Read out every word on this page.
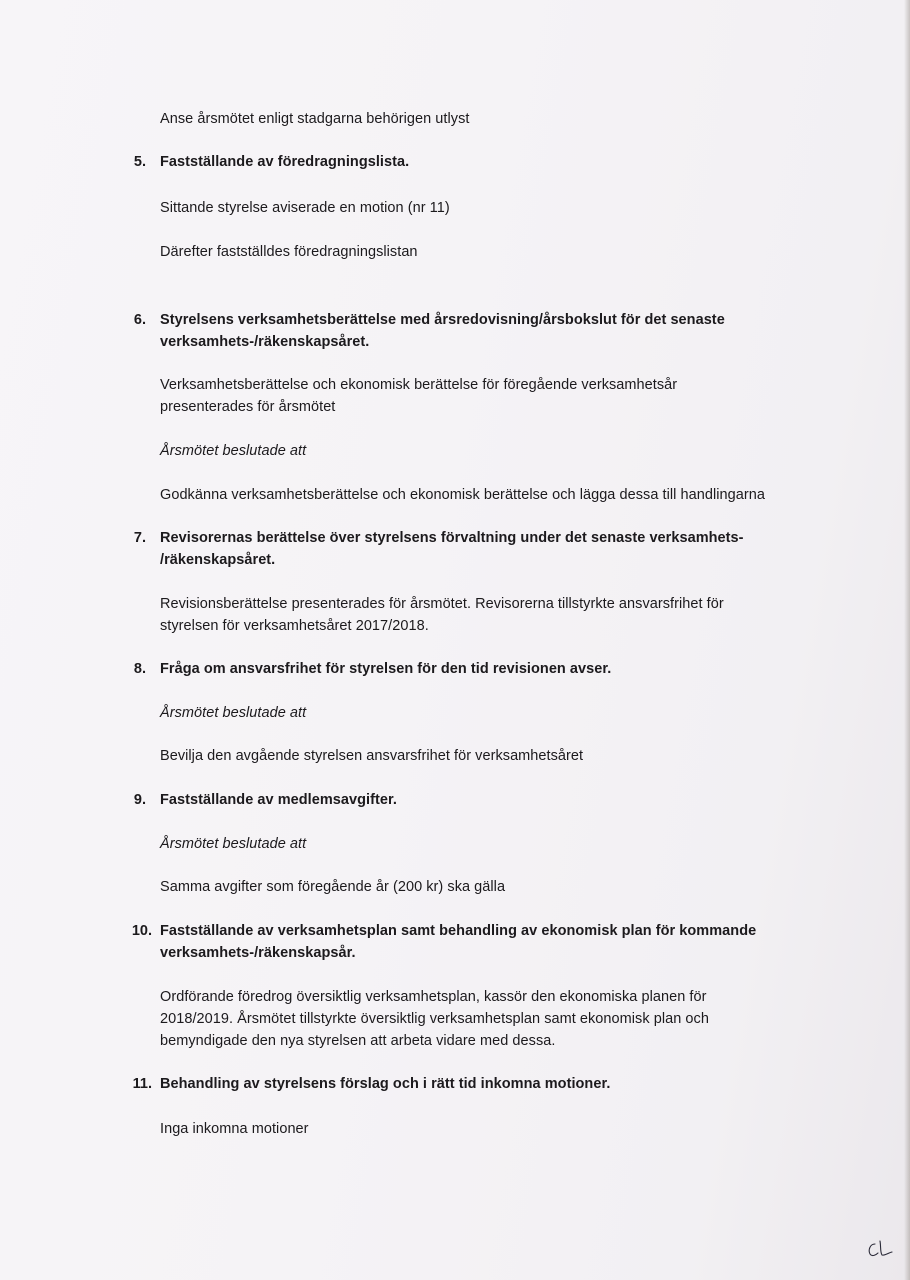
Anse årsmötet enligt stadgarna behörigen utlyst
5. Fastställande av föredragningslista.
Sittande styrelse aviserade en motion (nr 11)
Därefter fastställdes föredragningslistan
6. Styrelsens verksamhetsberättelse med årsredovisning/årsbokslut för det senaste
verksamhets-/räkenskapsåret.
Verksamhetsberättelse och ekonomisk berättelse för föregående verksamhetsår
presenterades för årsmötet
Årsmötet beslutade att
Godkänna verksamhetsberättelse och ekonomisk berättelse och lägga dessa till handlingarna
7. Revisorernas berättelse över styrelsens förvaltning under det senaste verksamhets-
/räkenskapsåret.
Revisionsberättelse presenterades för årsmötet. Revisorerna tillstyrkte ansvarsfrihet för
styrelsen för verksamhetsåret 2017/2018.
8. Fråga om ansvarsfrihet för styrelsen för den tid revisionen avser.
Årsmötet beslutade att
Bevilja den avgående styrelsen ansvarsfrihet för verksamhetsåret
9. Fastställande av medlemsavgifter.
Årsmötet beslutade att
Samma avgifter som föregående år (200 kr) ska gälla
10. Fastställande av verksamhetsplan samt behandling av ekonomisk plan för kommande
verksamhets-/räkenskapsår.
Ordförande föredrog översiktlig verksamhetsplan, kassör den ekonomiska planen för
2018/2019. Årsmötet tillstyrkte översiktlig verksamhetsplan samt ekonomisk plan och
bemyndigade den nya styrelsen att arbeta vidare med dessa.
11. Behandling av styrelsens förslag och i rätt tid inkomna motioner.
Inga inkomna motioner
